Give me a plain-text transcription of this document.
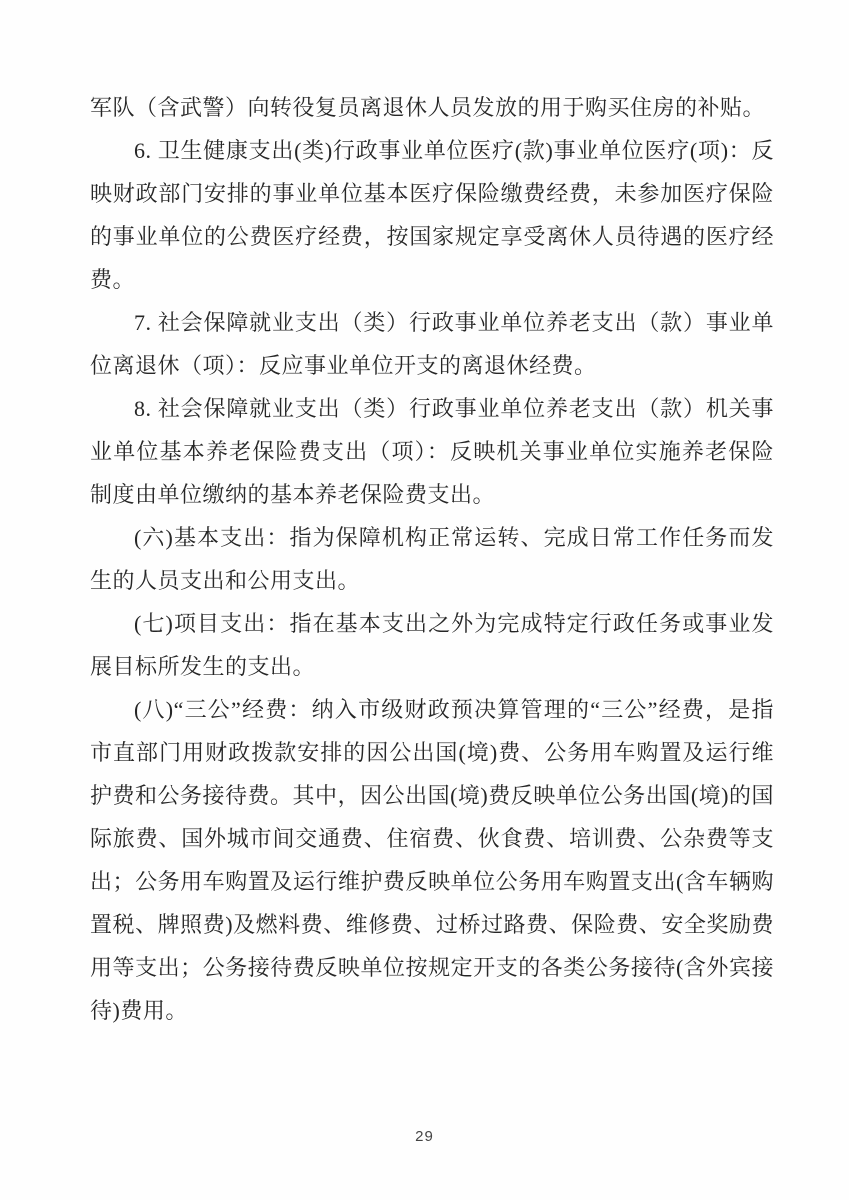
军队（含武警）向转役复员离退休人员发放的用于购买住房的补贴。

6. 卫生健康支出(类)行政事业单位医疗(款)事业单位医疗(项)：反映财政部门安排的事业单位基本医疗保险缴费经费，未参加医疗保险的事业单位的公费医疗经费，按国家规定享受离休人员待遇的医疗经费。

7. 社会保障就业支出（类）行政事业单位养老支出（款）事业单位离退休（项）：反应事业单位开支的离退休经费。

8. 社会保障就业支出（类）行政事业单位养老支出（款）机关事业单位基本养老保险费支出（项）：反映机关事业单位实施养老保险制度由单位缴纳的基本养老保险费支出。

(六)基本支出：指为保障机构正常运转、完成日常工作任务而发生的人员支出和公用支出。

(七)项目支出：指在基本支出之外为完成特定行政任务或事业发展目标所发生的支出。

(八)“三公”经费：纳入市级财政预决算管理的“三公”经费，是指市直部门用财政拨款安排的因公出国(境)费、公务用车购置及运行维护费和公务接待费。其中，因公出国(境)费反映单位公务出国(境)的国际旅费、国外城市间交通费、住宿费、伙食费、培训费、公杂费等支出；公务用车购置及运行维护费反映单位公务用车购置支出(含车辆购置税、牌照费)及燃料费、维修费、过桥过路费、保险费、安全奖励费用等支出；公务接待费反映单位按规定开支的各类公务接待(含外宾接待)费用。

29
